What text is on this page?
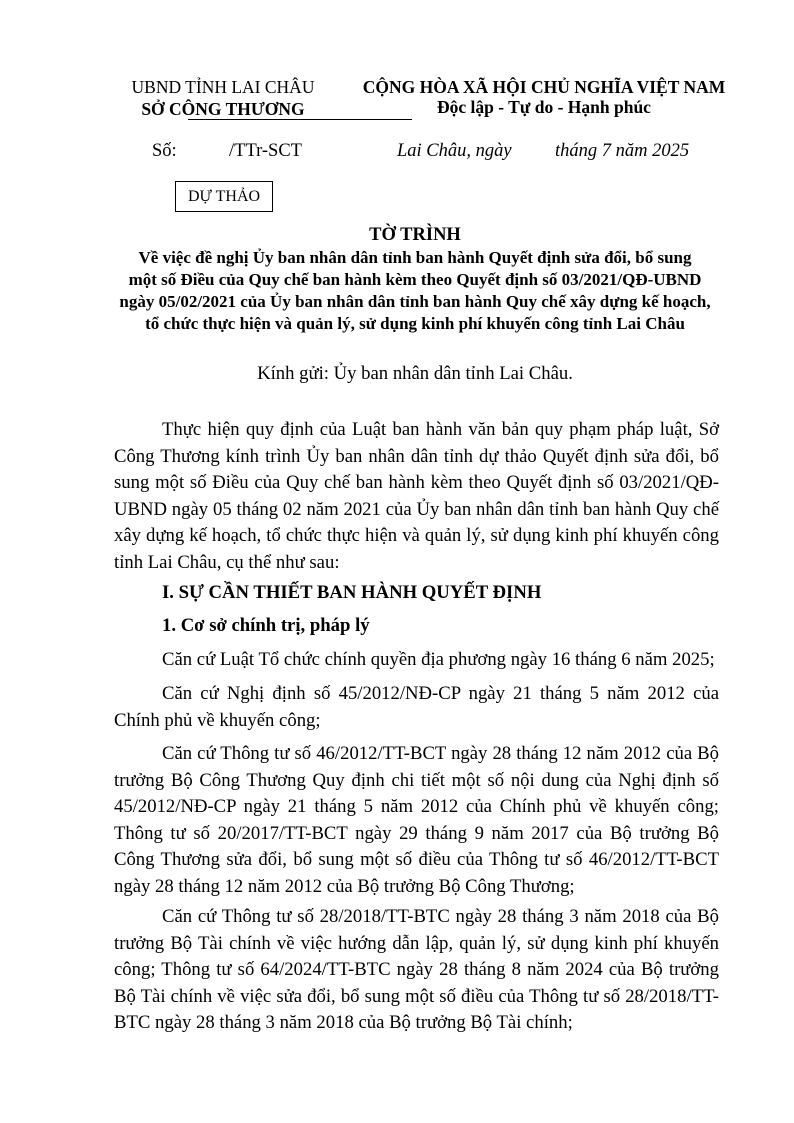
UBND TỈNH LAI CHÂU
SỞ CÔNG THƯƠNG
CỘNG HÒA XÃ HỘI CHỦ NGHĨA VIỆT NAM
Độc lập - Tự do - Hạnh phúc
Số:	/TTr-SCT	Lai Châu, ngày tháng 7 năm 2025
DỰ THẢO
TỜ TRÌNH
Về việc đề nghị Ủy ban nhân dân tỉnh ban hành Quyết định sửa đổi, bổ sung
một số Điều của Quy chế ban hành kèm theo Quyết định số 03/2021/QĐ-UBND
ngày 05/02/2021 của Ủy ban nhân dân tỉnh ban hành Quy chế xây dựng kế hoạch,
tổ chức thực hiện và quản lý, sử dụng kinh phí khuyến công tỉnh Lai Châu
Kính gửi: Ủy ban nhân dân tỉnh Lai Châu.
Thực hiện quy định của Luật ban hành văn bản quy phạm pháp luật, Sở Công Thương kính trình Ủy ban nhân dân tỉnh dự thảo Quyết định sửa đổi, bổ sung một số Điều của Quy chế ban hành kèm theo Quyết định số 03/2021/QĐ-UBND ngày 05 tháng 02 năm 2021 của Ủy ban nhân dân tỉnh ban hành Quy chế xây dựng kế hoạch, tổ chức thực hiện và quản lý, sử dụng kinh phí khuyến công tỉnh Lai Châu, cụ thể như sau:
I. SỰ CẦN THIẾT BAN HÀNH QUYẾT ĐỊNH
1. Cơ sở chính trị, pháp lý
Căn cứ Luật Tổ chức chính quyền địa phương ngày 16 tháng 6 năm 2025;
Căn cứ Nghị định số 45/2012/NĐ-CP ngày 21 tháng 5 năm 2012 của Chính phủ về khuyến công;
Căn cứ Thông tư số 46/2012/TT-BCT ngày 28 tháng 12 năm 2012 của Bộ trưởng Bộ Công Thương Quy định chi tiết một số nội dung của Nghị định số 45/2012/NĐ-CP ngày 21 tháng 5 năm 2012 của Chính phủ về khuyến công; Thông tư số 20/2017/TT-BCT ngày 29 tháng 9 năm 2017 của Bộ trưởng Bộ Công Thương sửa đổi, bổ sung một số điều của Thông tư số 46/2012/TT-BCT ngày 28 tháng 12 năm 2012 của Bộ trưởng Bộ Công Thương;
Căn cứ Thông tư số 28/2018/TT-BTC ngày 28 tháng 3 năm 2018 của Bộ trưởng Bộ Tài chính về việc hướng dẫn lập, quản lý, sử dụng kinh phí khuyến công; Thông tư số 64/2024/TT-BTC ngày 28 tháng 8 năm 2024 của Bộ trưởng Bộ Tài chính về việc sửa đổi, bổ sung một số điều của Thông tư số 28/2018/TT-BTC ngày 28 tháng 3 năm 2018 của Bộ trưởng Bộ Tài chính;
